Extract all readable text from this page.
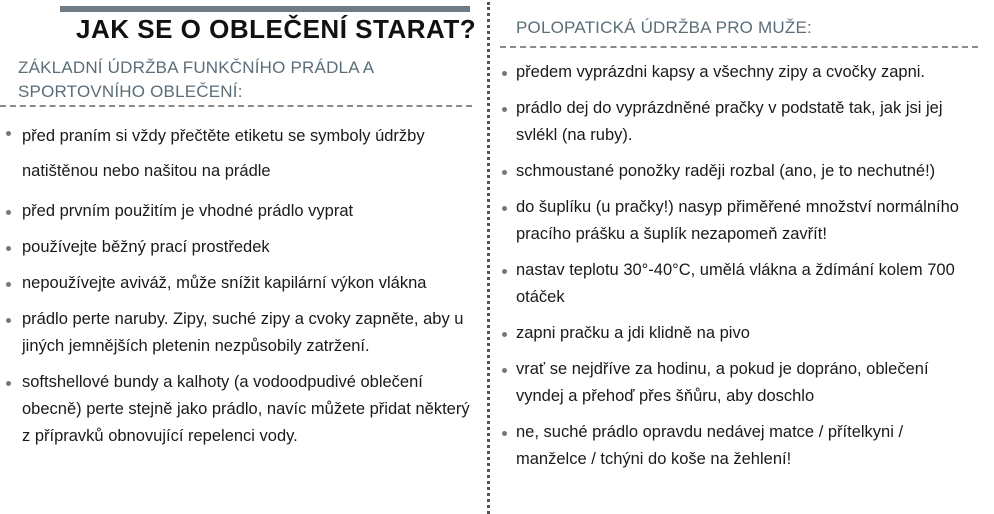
JAK SE O OBLEČENÍ STARAT?
ZÁKLADNÍ ÚDRŽBA FUNKČNÍHO PRÁDLA A SPORTOVNÍHO OBLEČENÍ:
před praním si vždy přečtěte etiketu se symboly údržby natištěnou nebo našitou na prádle
před prvním použitím je vhodné prádlo vyprat
používejte běžný prací prostředek
nepoužívejte aviváž, může snížit kapilární výkon vlákna
prádlo perte naruby. Zipy, suché zipy a cvoky zapněte, aby u jiných jemnějších pletenin nezpůsobily zatržení.
softshellové bundy a kalhoty (a vodoodpudivé oblečení obecně) perte stejně jako prádlo, navíc můžete přidat některý z přípravků obnovující repelenci vody.
POLOPATICKÁ ÚDRŽBA PRO MUŽE:
předem vyprázdni kapsy a všechny zipy a cvočky zapni.
prádlo dej do vyprázdněné pračky v podstatě tak, jak jsi jej svlékl (na ruby).
schmoustané ponožky raději rozbal (ano, je to nechutné!)
do šuplíku (u pračky!) nasyp přiměřené množství normálního pracího prášku a šuplík nezapomeň zavřít!
nastav teplotu 30°-40°C, umělá vlákna a ždímání kolem 700 otáček
zapni pračku a jdi klidně na pivo
vrať se nejdříve za hodinu, a pokud je dopráno, oblečení vyndej a přehoď přes šňůru, aby doschlo
ne, suché prádlo opravdu nedávej matce / přítelkyni / manželce / tchýni do koše na žehlení!
